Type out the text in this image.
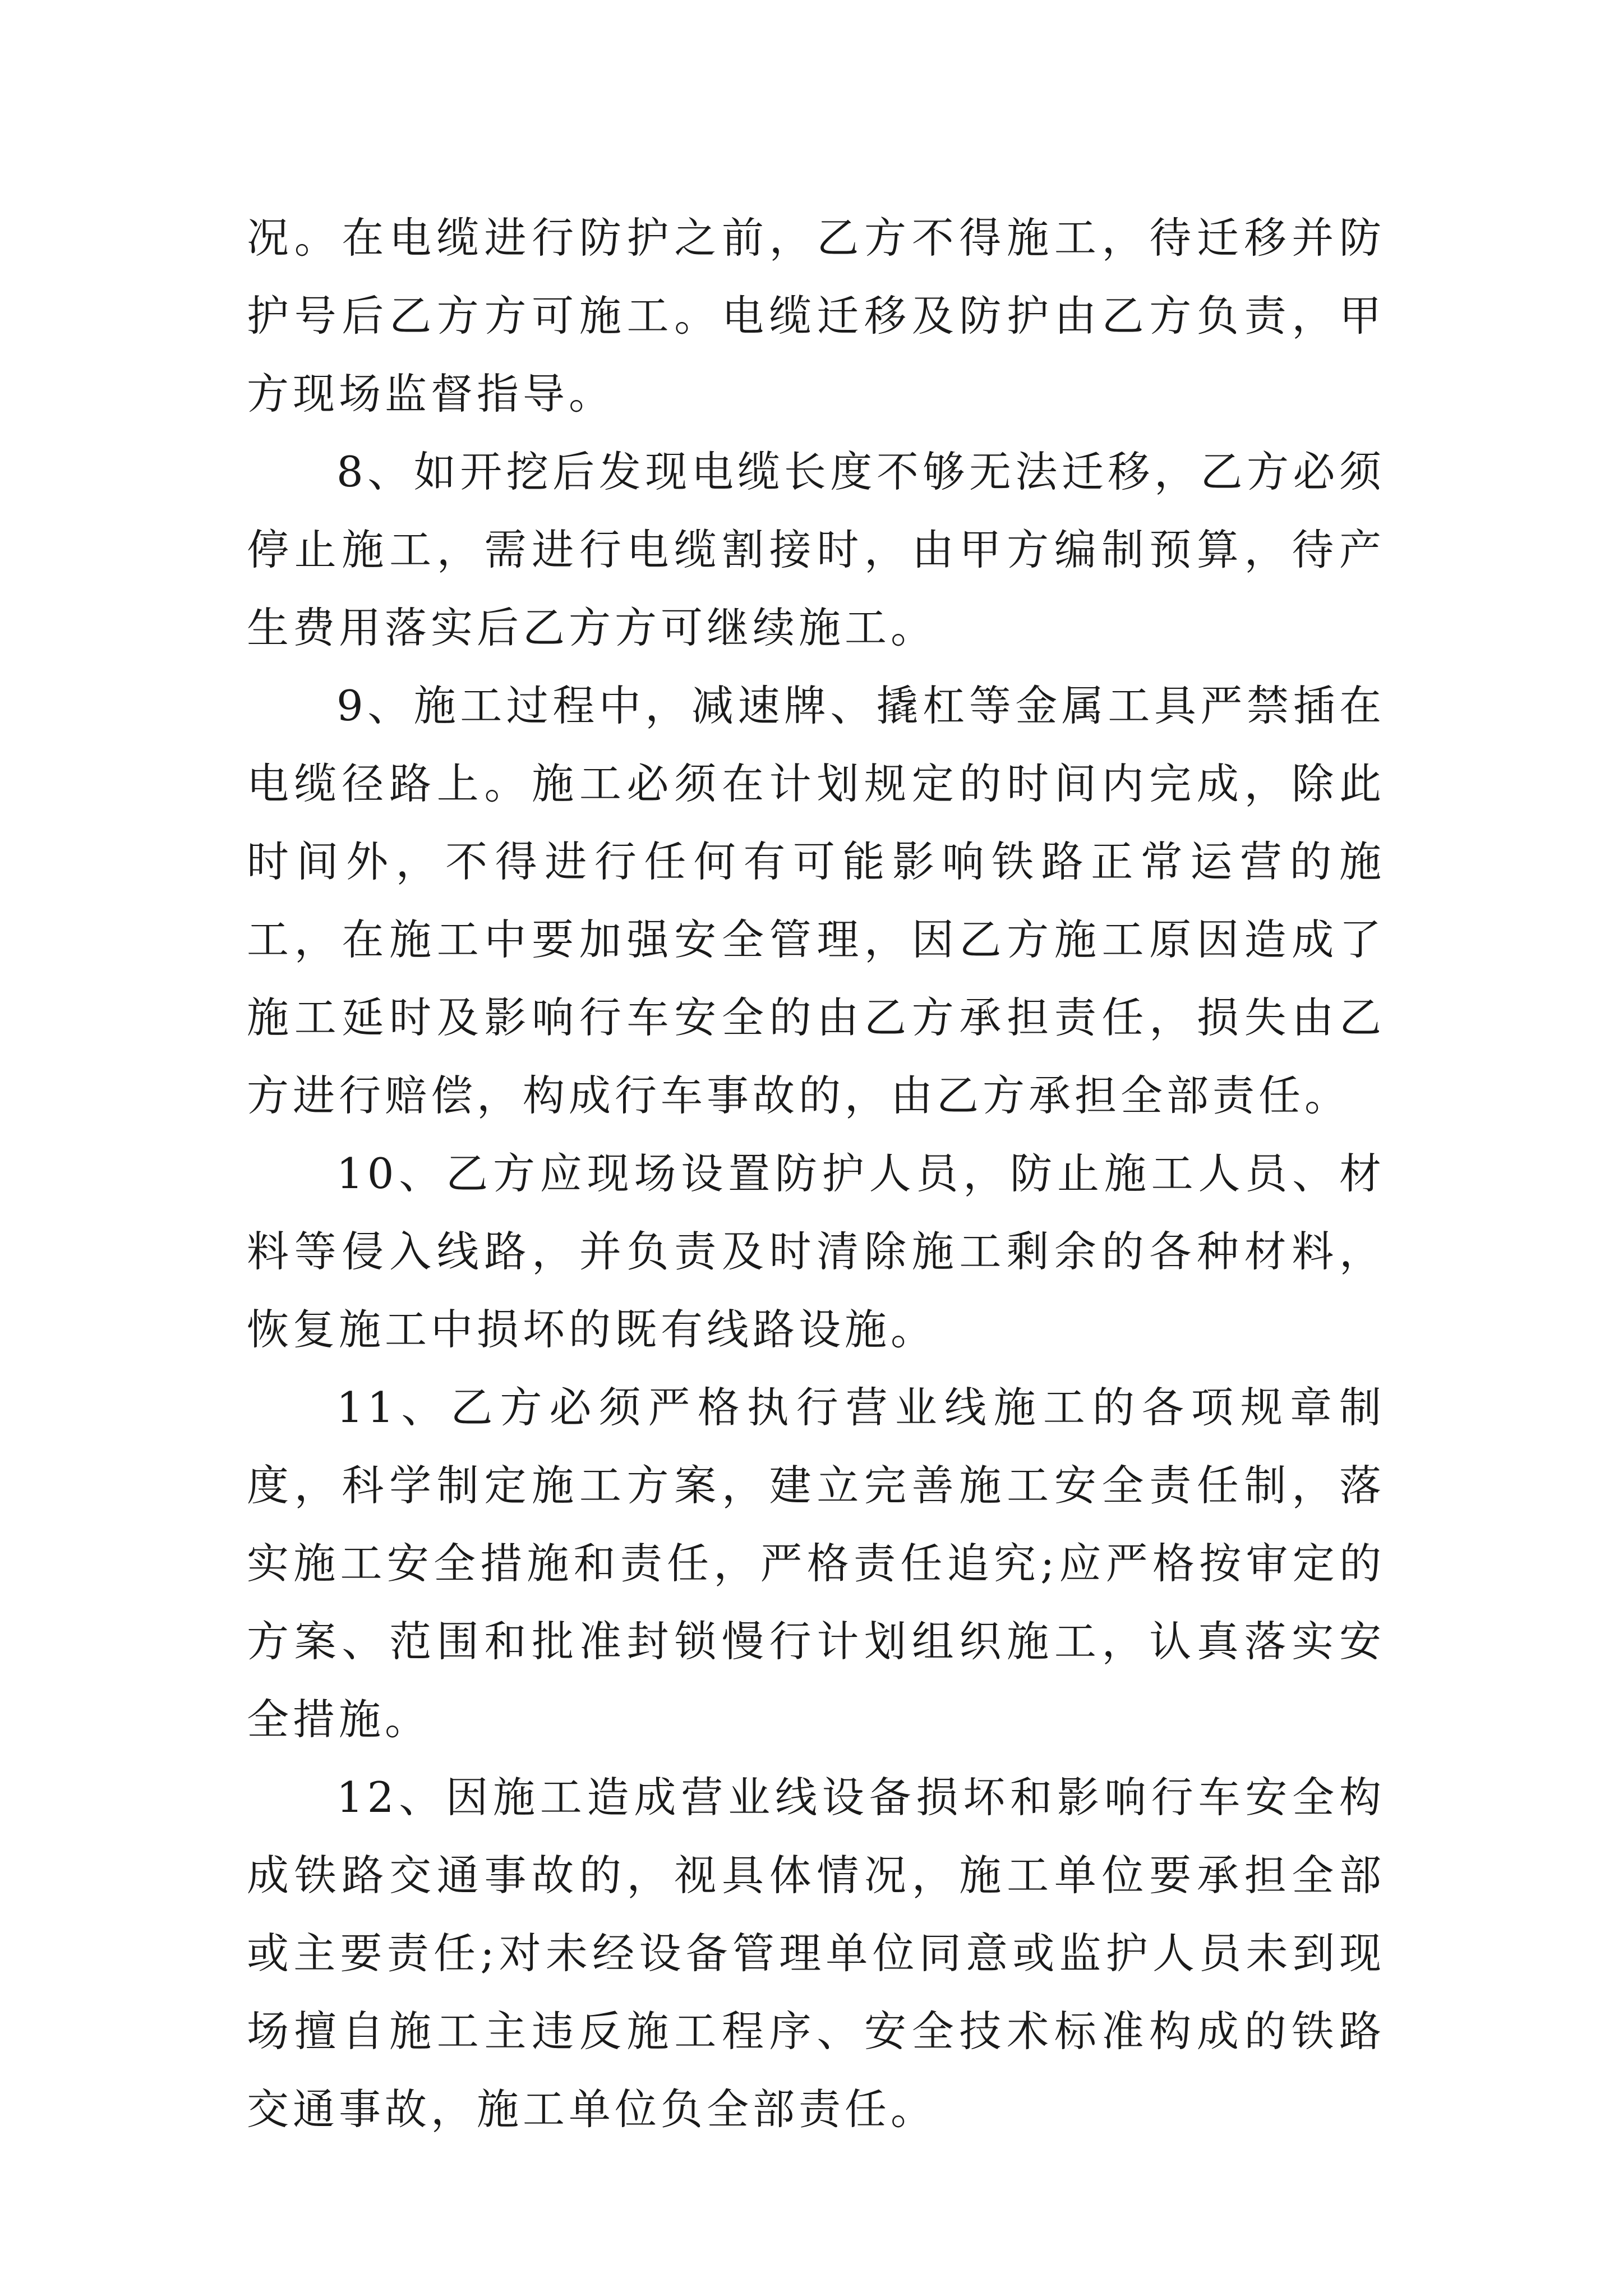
况。在电缆进行防护之前，乙方不得施工，待迁移并防护号后乙方方可施工。电缆迁移及防护由乙方负责，甲方现场监督指导。

8、如开挖后发现电缆长度不够无法迁移，乙方必须停止施工，需进行电缆割接时，由甲方编制预算，待产生费用落实后乙方方可继续施工。

9、施工过程中，减速牌、撬杠等金属工具严禁插在电缆径路上。施工必须在计划规定的时间内完成，除此时间外，不得进行任何有可能影响铁路正常运营的施工，在施工中要加强安全管理，因乙方施工原因造成了施工延时及影响行车安全的由乙方承担责任，损失由乙方进行赔偿，构成行车事故的，由乙方承担全部责任。

10、乙方应现场设置防护人员，防止施工人员、材料等侵入线路，并负责及时清除施工剩余的各种材料，恢复施工中损坏的既有线路设施。

11、乙方必须严格执行营业线施工的各项规章制度，科学制定施工方案，建立完善施工安全责任制，落实施工安全措施和责任，严格责任追究;应严格按审定的方案、范围和批准封锁慢行计划组织施工，认真落实安全措施。

12、因施工造成营业线设备损坏和影响行车安全构成铁路交通事故的，视具体情况，施工单位要承担全部或主要责任;对未经设备管理单位同意或监护人员未到现场擅自施工主违反施工程序、安全技术标准构成的铁路交通事故，施工单位负全部责任。
